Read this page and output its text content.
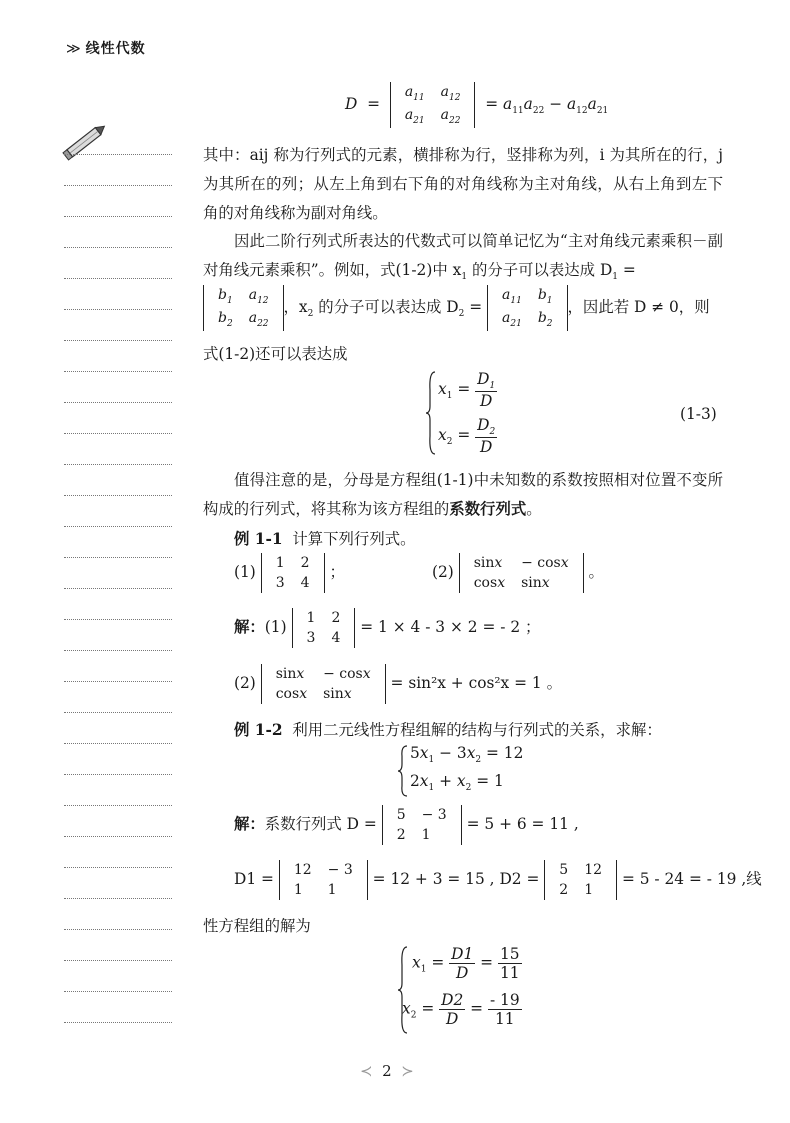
≫ 线性代数
D  =
$a_{11}$	$a_{12}$
$a_{21}$	$a_{22}$
= $a_{11}a_{22} - a_{12}a_{21}$
其中：aij 称为行列式的元素，横排称为行，竖排称为列，i 为其所在的行，j 为其所在的列；从左上角到右下角的对角线称为主对角线，从右上角到左下角的对角线称为副对角线。
因此二阶行列式所表达的代数式可以简单记忆为“主对角线元素乘积－副对角线元素乘积”。例如，式(1-2)中 $x_1$ 的分子可以表达成 $D_1$ =
$b_1$	$a_{12}$
$b_2$	$a_{22}$
，$x_2$ 的分子可以表达成 $D_2$ =
$a_{11}$	$b_1$
$a_{21}$	$b_2$
，因此若 D ≠ 0，则
式(1-2)还可以表达成
$x_1 = \frac{D_1}{D}$
$x_2 = \frac{D_2}{D}$
(1-3)
值得注意的是，分母是方程组(1-1)中未知数的系数按照相对位置不变所构成的行列式，将其称为该方程组的系数行列式。
例 1-1 计算下列行列式。
(1) 1	2
3	4
；	(2) sinx	− cosx
cosx	sinx
。
解：(1) 1	2
3	4
= 1 × 4 - 3 × 2 = - 2 ；
(2) sinx	− cosx
cosx	sinx
= sin²x + cos²x = 1 。
例 1-2 利用二元线性方程组解的结构与行列式的关系，求解：
$5x_1 - 3x_2 = 12$
$2x_1 + x_2 = 1$
解：系数行列式 D = 5	− 3
2	1
= 5 + 6 = 11 ,
D1 = 12	− 3
1	1
= 12 + 3 = 15 , D2 = 5	12
2	1
= 5 - 24 = - 19 ,线
性方程组的解为
$x_1 = \frac{D1}{D} = \frac{15}{11}$
$x_2 = \frac{D2}{D} = \frac{- 19}{11}$
≺ 2 ≻
